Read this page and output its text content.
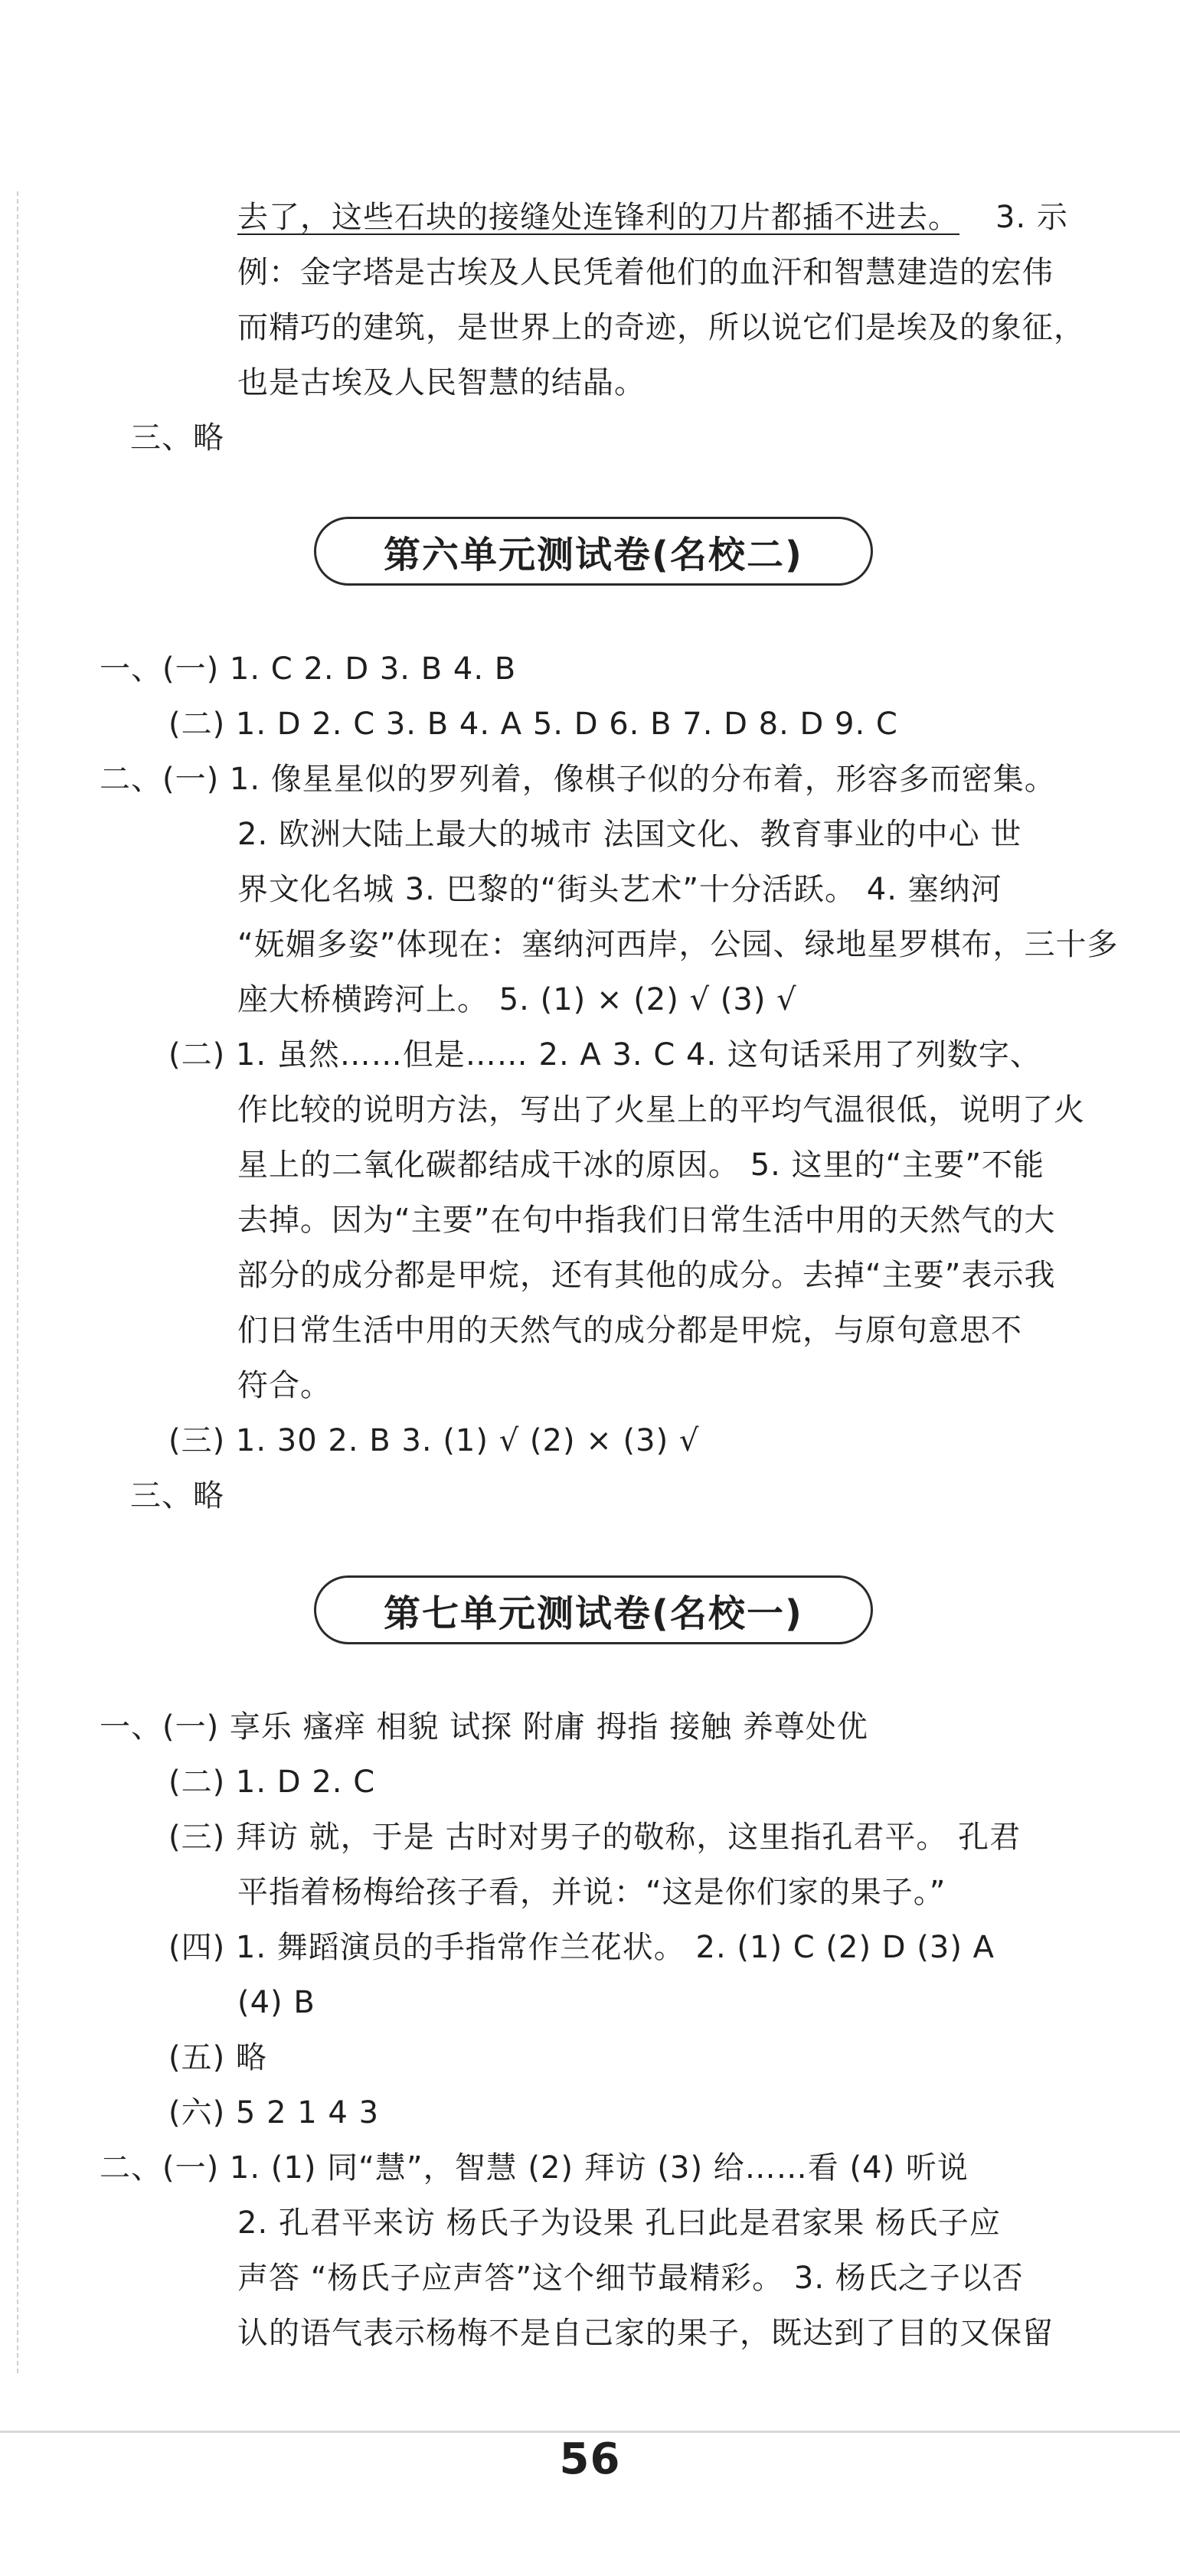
去了，这些石块的接缝处连锋利的刀片都插不进去。 3. 示
例：金字塔是古埃及人民凭着他们的血汗和智慧建造的宏伟
而精巧的建筑，是世界上的奇迹，所以说它们是埃及的象征，
也是古埃及人民智慧的结晶。
三、略
第六单元测试卷(名校二)
一、(一) 1. C 2. D 3. B 4. B
(二) 1. D 2. C 3. B 4. A 5. D 6. B 7. D 8. D 9. C
二、(一) 1. 像星星似的罗列着，像棋子似的分布着，形容多而密集。
2. 欧洲大陆上最大的城市 法国文化、教育事业的中心 世
界文化名城 3. 巴黎的“街头艺术”十分活跃。 4. 塞纳河
“妩媚多姿”体现在：塞纳河西岸，公园、绿地星罗棋布，三十多
座大桥横跨河上。 5. (1) × (2) √ (3) √
(二) 1. 虽然……但是…… 2. A 3. C 4. 这句话采用了列数字、
作比较的说明方法，写出了火星上的平均气温很低，说明了火
星上的二氧化碳都结成干冰的原因。 5. 这里的“主要”不能
去掉。因为“主要”在句中指我们日常生活中用的天然气的大
部分的成分都是甲烷，还有其他的成分。去掉“主要”表示我
们日常生活中用的天然气的成分都是甲烷，与原句意思不
符合。
(三) 1. 30 2. B 3. (1) √ (2) × (3) √
三、略
第七单元测试卷(名校一)
一、(一) 享乐 瘙痒 相貌 试探 附庸 拇指 接触 养尊处优
(二) 1. D 2. C
(三) 拜访 就，于是 古时对男子的敬称，这里指孔君平。 孔君
平指着杨梅给孩子看，并说：“这是你们家的果子。”
(四) 1. 舞蹈演员的手指常作兰花状。 2. (1) C (2) D (3) A
(4) B
(五) 略
(六) 5 2 1 4 3
二、(一) 1. (1) 同“慧”，智慧 (2) 拜访 (3) 给……看 (4) 听说
2. 孔君平来访 杨氏子为设果 孔曰此是君家果 杨氏子应
声答 “杨氏子应声答”这个细节最精彩。 3. 杨氏之子以否
认的语气表示杨梅不是自己家的果子，既达到了目的又保留
56
